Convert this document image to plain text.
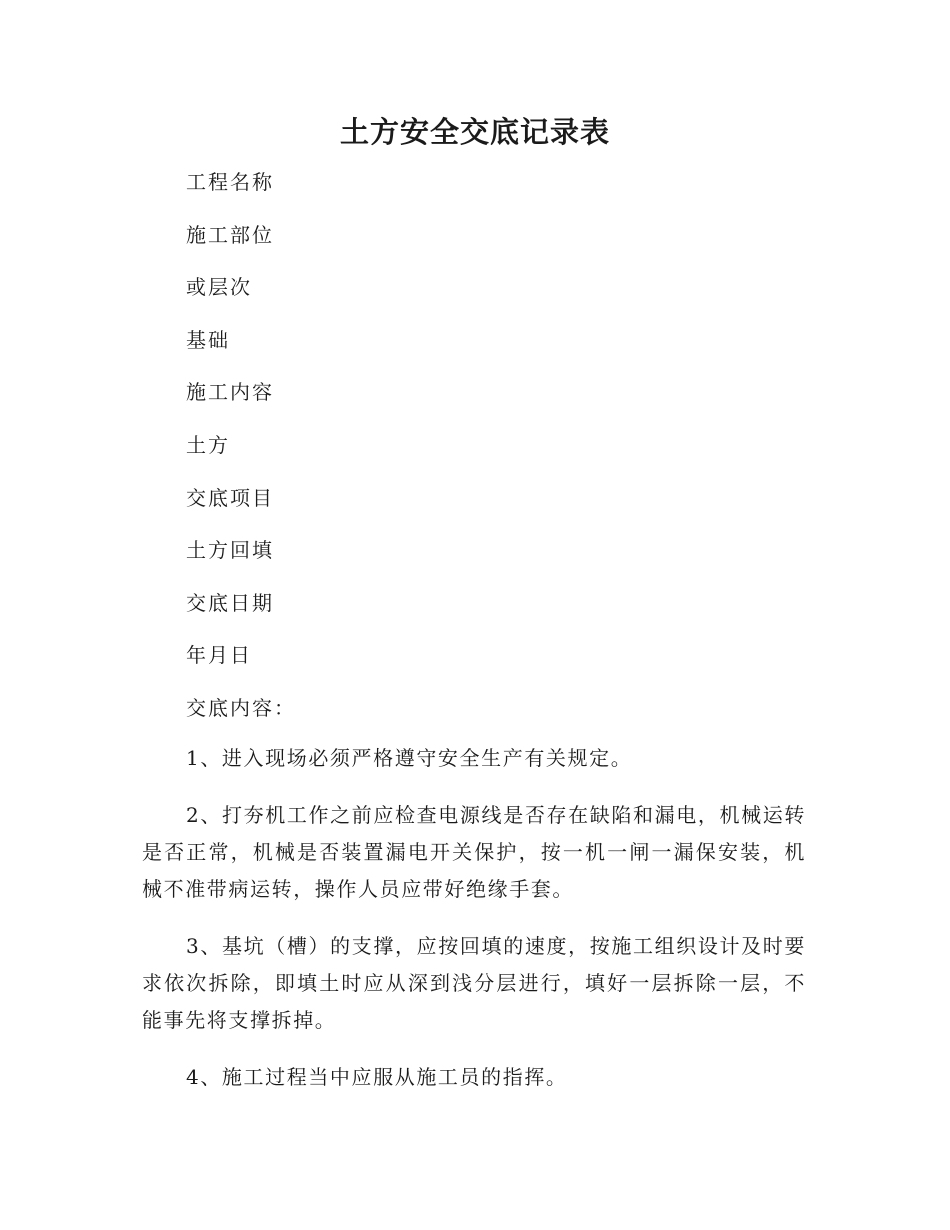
土方安全交底记录表
工程名称
施工部位
或层次
基础
施工内容
土方
交底项目
土方回填
交底日期
年月日
交底内容：

1、进入现场必须严格遵守安全生产有关规定。

2、打夯机工作之前应检查电源线是否存在缺陷和漏电，机械运转是否正常，机械是否装置漏电开关保护，按一机一闸一漏保安装，机械不准带病运转，操作人员应带好绝缘手套。

3、基坑（槽）的支撑，应按回填的速度，按施工组织设计及时要求依次拆除，即填土时应从深到浅分层进行，填好一层拆除一层，不能事先将支撑拆掉。

4、施工过程当中应服从施工员的指挥。
